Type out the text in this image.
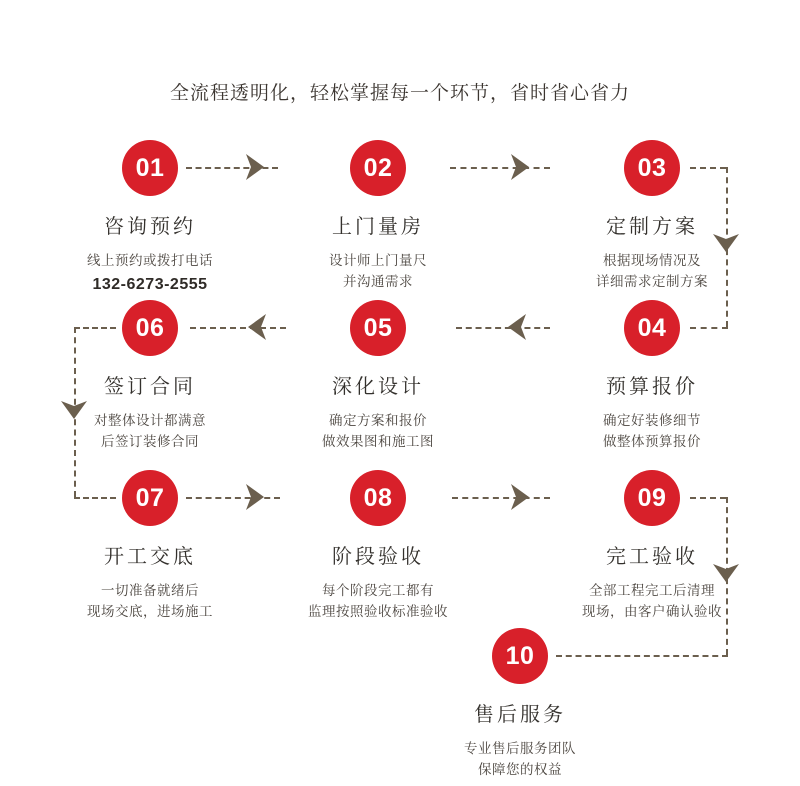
全流程透明化，轻松掌握每一个环节，省时省心省力
01
咨询预约
线上预约或拨打电话
132-6273-2555
02
上门量房
设计师上门量尺
并沟通需求
03
定制方案
根据现场情况及
详细需求定制方案
06
签订合同
对整体设计都满意
后签订装修合同
05
深化设计
确定方案和报价
做效果图和施工图
04
预算报价
确定好装修细节
做整体预算报价
07
开工交底
一切准备就绪后
现场交底，进场施工
08
阶段验收
每个阶段完工都有
监理按照验收标准验收
09
完工验收
全部工程完工后清理
现场，由客户确认验收
10
售后服务
专业售后服务团队
保障您的权益
